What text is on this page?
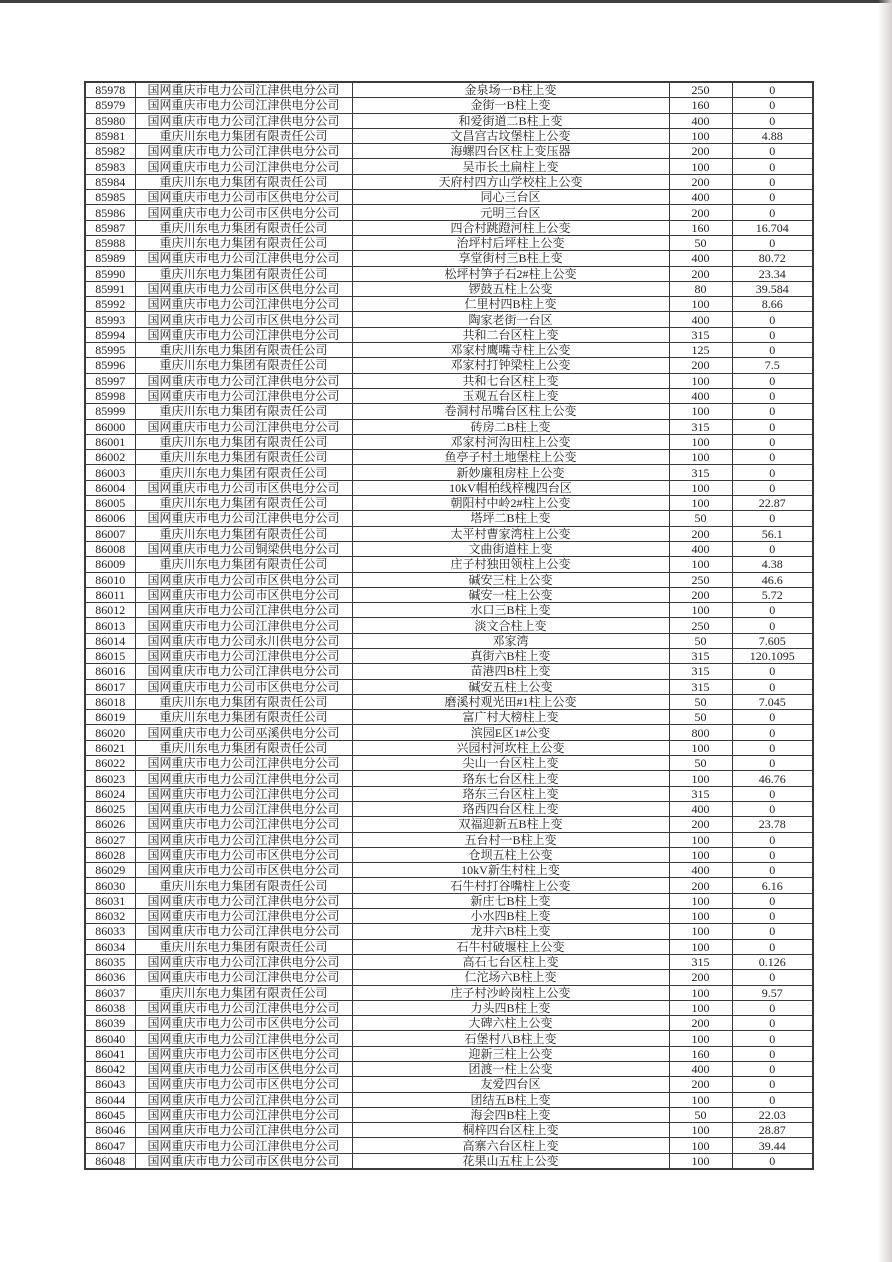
85978	国网重庆市电力公司江津供电分公司	金泉场一B柱上变	250	0
85979	国网重庆市电力公司江津供电分公司	金街一B柱上变	160	0
85980	国网重庆市电力公司江津供电分公司	和爱街道二B柱上变	400	0
85981	重庆川东电力集团有限责任公司	文昌宫古坟堡柱上公变	100	4.88
85982	国网重庆市电力公司江津供电分公司	海螺四台区柱上变压器	200	0
85983	国网重庆市电力公司江津供电分公司	吴市长土扁柱上变	100	0
85984	重庆川东电力集团有限责任公司	天府村四方山学校柱上公变	200	0
85985	国网重庆市电力公司市区供电分公司	同心三台区	400	0
85986	国网重庆市电力公司市区供电分公司	元明三台区	200	0
85987	重庆川东电力集团有限责任公司	四合村跳蹬河柱上公变	160	16.704
85988	重庆川东电力集团有限责任公司	治坪村后坪柱上公变	50	0
85989	国网重庆市电力公司江津供电分公司	享堂街村三B柱上变	400	80.72
85990	重庆川东电力集团有限责任公司	松坪村笋子石2#柱上公变	200	23.34
85991	国网重庆市电力公司市区供电分公司	锣鼓五柱上公变	80	39.584
85992	国网重庆市电力公司江津供电分公司	仁里村四B柱上变	100	8.66
85993	国网重庆市电力公司市区供电分公司	陶家老街一台区	400	0
85994	国网重庆市电力公司江津供电分公司	共和二台区柱上变	315	0
85995	重庆川东电力集团有限责任公司	邓家村鹰嘴寺柱上公变	125	0
85996	重庆川东电力集团有限责任公司	邓家村打钟梁柱上公变	200	7.5
85997	国网重庆市电力公司江津供电分公司	共和七台区柱上变	100	0
85998	国网重庆市电力公司江津供电分公司	玉观五台区柱上变	400	0
85999	重庆川东电力集团有限责任公司	卷洞村吊嘴台区柱上公变	100	0
86000	国网重庆市电力公司江津供电分公司	砖房二B柱上变	315	0
86001	重庆川东电力集团有限责任公司	邓家村河沟田柱上公变	100	0
86002	重庆川东电力集团有限责任公司	鱼亭子村土地堡柱上公变	100	0
86003	重庆川东电力集团有限责任公司	新妙廉租房柱上公变	315	0
86004	国网重庆市电力公司市区供电分公司	10kV帽柏线梓槐四台区	100	0
86005	重庆川东电力集团有限责任公司	朝阳村中岭2#柱上公变	100	22.87
86006	国网重庆市电力公司江津供电分公司	塔坪二B柱上变	50	0
86007	重庆川东电力集团有限责任公司	太平村曹家湾柱上公变	200	56.1
86008	国网重庆市电力公司铜梁供电分公司	文曲街道柱上变	400	0
86009	重庆川东电力集团有限责任公司	庄子村独田领柱上公变	100	4.38
86010	国网重庆市电力公司市区供电分公司	碱安三柱上公变	250	46.6
86011	国网重庆市电力公司市区供电分公司	碱安一柱上公变	200	5.72
86012	国网重庆市电力公司江津供电分公司	水口三B柱上变	100	0
86013	国网重庆市电力公司江津供电分公司	淡文合柱上变	250	0
86014	国网重庆市电力公司永川供电分公司	邓家湾	50	7.605
86015	国网重庆市电力公司江津供电分公司	真街六B柱上变	315	120.1095
86016	国网重庆市电力公司江津供电分公司	苗港四B柱上变	315	0
86017	国网重庆市电力公司市区供电分公司	碱安五柱上公变	315	0
86018	重庆川东电力集团有限责任公司	磨溪村观光田#1柱上公变	50	7.045
86019	重庆川东电力集团有限责任公司	富广村大榜柱上变	50	0
86020	国网重庆市电力公司巫溪供电分公司	滨园E区1#公变	800	0
86021	重庆川东电力集团有限责任公司	兴园村河坎柱上公变	100	0
86022	国网重庆市电力公司江津供电分公司	尖山一台区柱上变	50	0
86023	国网重庆市电力公司江津供电分公司	珞东七台区柱上变	100	46.76
86024	国网重庆市电力公司江津供电分公司	珞东三台区柱上变	315	0
86025	国网重庆市电力公司江津供电分公司	珞西四台区柱上变	400	0
86026	国网重庆市电力公司江津供电分公司	双福迎新五B柱上变	200	23.78
86027	国网重庆市电力公司江津供电分公司	五台村一B柱上变	100	0
86028	国网重庆市电力公司市区供电分公司	仓坝五柱上公变	100	0
86029	国网重庆市电力公司市区供电分公司	10kV新生村柱上变	400	0
86030	重庆川东电力集团有限责任公司	石牛村打谷嘴柱上公变	200	6.16
86031	国网重庆市电力公司江津供电分公司	新庄七B柱上变	100	0
86032	国网重庆市电力公司江津供电分公司	小水四B柱上变	100	0
86033	国网重庆市电力公司江津供电分公司	龙井六B柱上变	100	0
86034	重庆川东电力集团有限责任公司	石牛村破堰柱上公变	100	0
86035	国网重庆市电力公司江津供电分公司	高石七台区柱上变	315	0.126
86036	国网重庆市电力公司江津供电分公司	仁沱场六B柱上变	200	0
86037	重庆川东电力集团有限责任公司	庄子村沙岭岗柱上公变	100	9.57
86038	国网重庆市电力公司江津供电分公司	力头四B柱上变	100	0
86039	国网重庆市电力公司市区供电分公司	大碑六柱上公变	200	0
86040	国网重庆市电力公司江津供电分公司	石堡村八B柱上变	100	0
86041	国网重庆市电力公司市区供电分公司	迎新三柱上公变	160	0
86042	国网重庆市电力公司市区供电分公司	团渡一柱上公变	400	0
86043	国网重庆市电力公司市区供电分公司	友爱四台区	200	0
86044	国网重庆市电力公司江津供电分公司	团结五B柱上变	100	0
86045	国网重庆市电力公司江津供电分公司	海会四B柱上变	50	22.03
86046	国网重庆市电力公司江津供电分公司	桐梓四台区柱上变	100	28.87
86047	国网重庆市电力公司江津供电分公司	高寨六台区柱上变	100	39.44
86048	国网重庆市电力公司市区供电分公司	花果山五柱上公变	100	0
